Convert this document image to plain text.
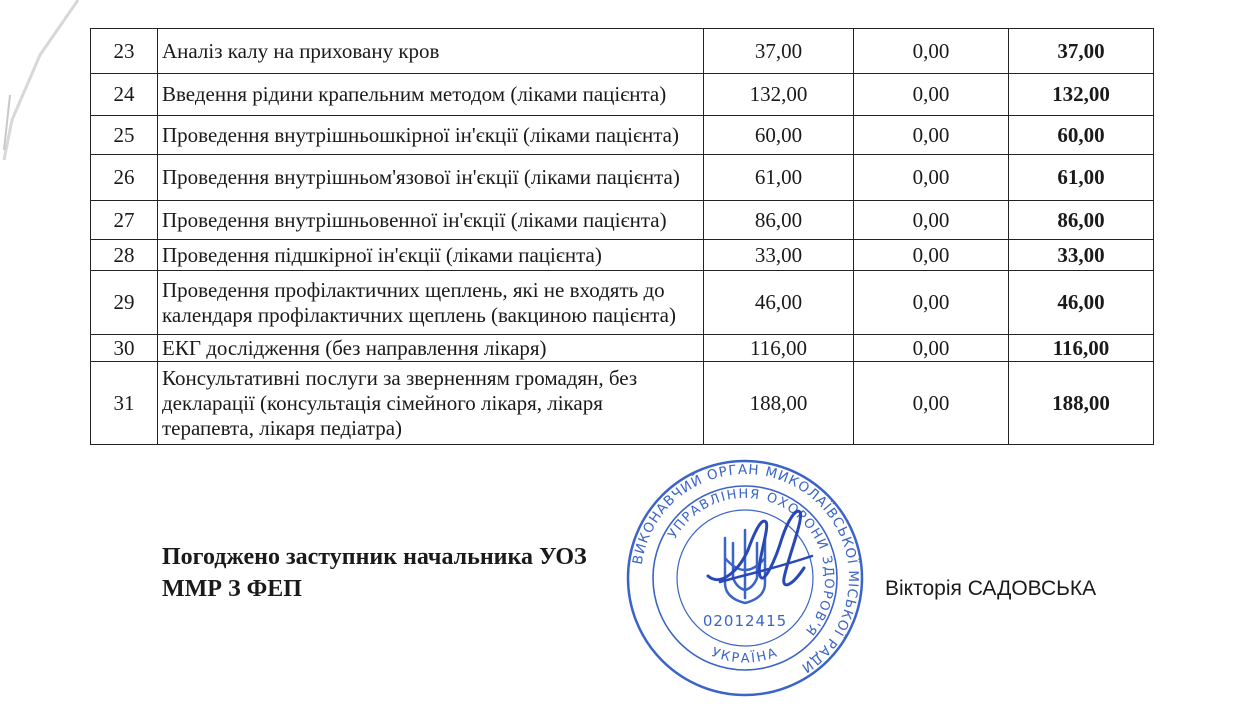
23	Аналіз калу на приховану кров	37,00	0,00	37,00
24	Введення рідини крапельним методом (ліками пацієнта)	132,00	0,00	132,00
25	Проведення внутрішньошкірної ін'єкції (ліками пацієнта)	60,00	0,00	60,00
26	Проведення внутрішньом'язової ін'єкції (ліками пацієнта)	61,00	0,00	61,00
27	Проведення внутрішньовенної ін'єкції (ліками пацієнта)	86,00	0,00	86,00
28	Проведення підшкірної ін'єкції (ліками пацієнта)	33,00	0,00	33,00
29	Проведення профілактичних щеплень, які не входять до
календаря профілактичних щеплень (вакциною пацієнта)	46,00	0,00	46,00
30	ЕКГ дослідження (без направлення лікаря)	116,00	0,00	116,00
31	Консультативні послуги за зверненням громадян, без
декларації (консультація сімейного лікаря, лікаря
терапевта, лікаря педіатра)	188,00	0,00	188,00
Погоджено заступник начальника УОЗ
ММР З ФЕП	Вікторія САДОВСЬКА
ВИКОНАВЧИЙ ОРГАН МИКОЛАЇВСЬКОЇ МІСЬКОЇ РАДИ
УПРАВЛІННЯ ОХОРОНИ ЗДОРОВ'Я
УКРАЇНА
02012415
